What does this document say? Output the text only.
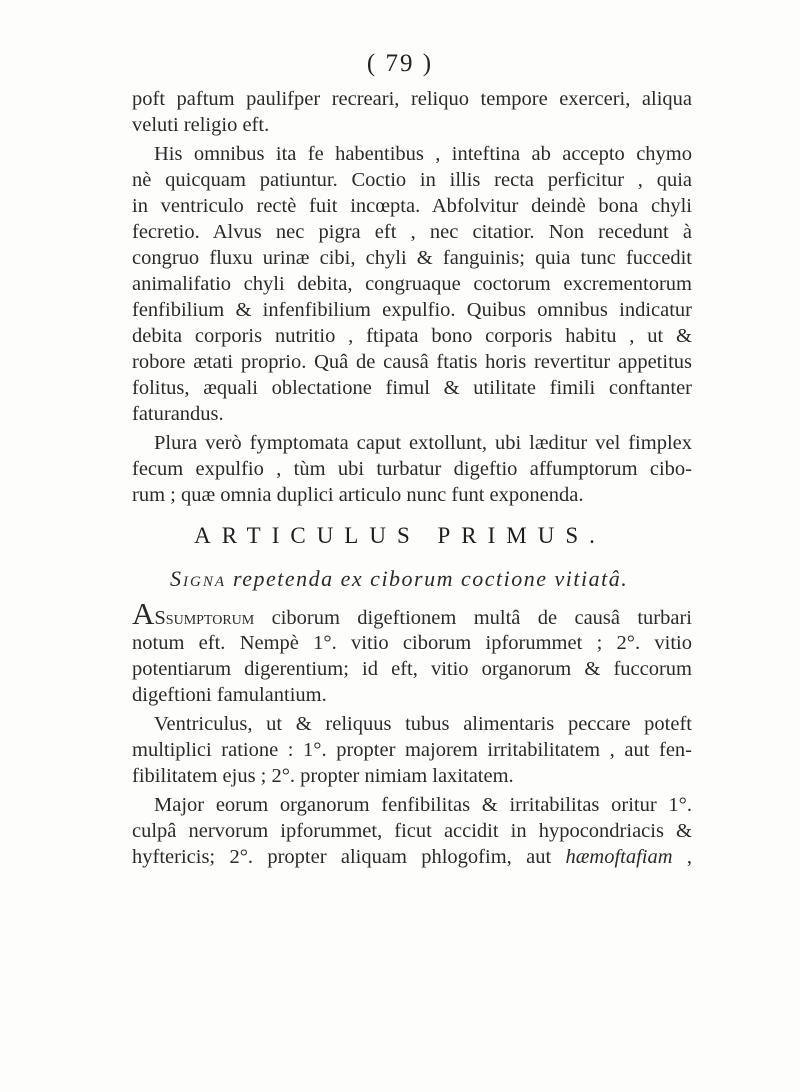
( 79 )
poft paftum paulifper recreari, reliquo tempore exerceri, aliqua
veluti religio eft.
His omnibus ita fe habentibus , inteftina ab accepto chymo
nè quicquam patiuntur. Coctio in illis recta perficitur , quia
in ventriculo rectè fuit incœpta. Abfolvitur deindè bona chyli
fecretio. Alvus nec pigra eft , nec citatior. Non recedunt à
congruo fluxu urinæ cibi, chyli & fanguinis; quia tunc fuccedit
animalifatio chyli debita, congruaque coctorum excrementorum
fenfibilium & infenfibilium expulfio. Quibus omnibus indicatur
debita corporis nutritio , ftipata bono corporis habitu , ut &
robore ætati proprio. Quâ de causâ ftatis horis revertitur appetitus
folitus, æquali oblectatione fimul & utilitate fimili conftanter
faturandus.
Plura verò fymptomata caput extollunt, ubi læditur vel fimplex
fecum expulfio , tùm ubi turbatur digeftio affumptorum cibo-
rum ; quæ omnia duplici articulo nunc funt exponenda.
ARTICULUS PRIMUS.
Signa repetenda ex ciborum coctione vitiatâ.
ASsumptorum ciborum digeftionem multâ de causâ turbari
notum eft. Nempè 1°. vitio ciborum ipforummet ; 2°. vitio
potentiarum digerentium; id eft, vitio organorum & fuccorum
digeftioni famulantium.
Ventriculus, ut & reliquus tubus alimentaris peccare poteft
multiplici ratione : 1°. propter majorem irritabilitatem , aut fen-
fibilitatem ejus ; 2°. propter nimiam laxitatem.
Major eorum organorum fenfibilitas & irritabilitas oritur 1°.
culpâ nervorum ipforummet, ficut accidit in hypocondriacis &
hyftericis; 2°. propter aliquam phlogofim, aut hæmoftafiam ,
